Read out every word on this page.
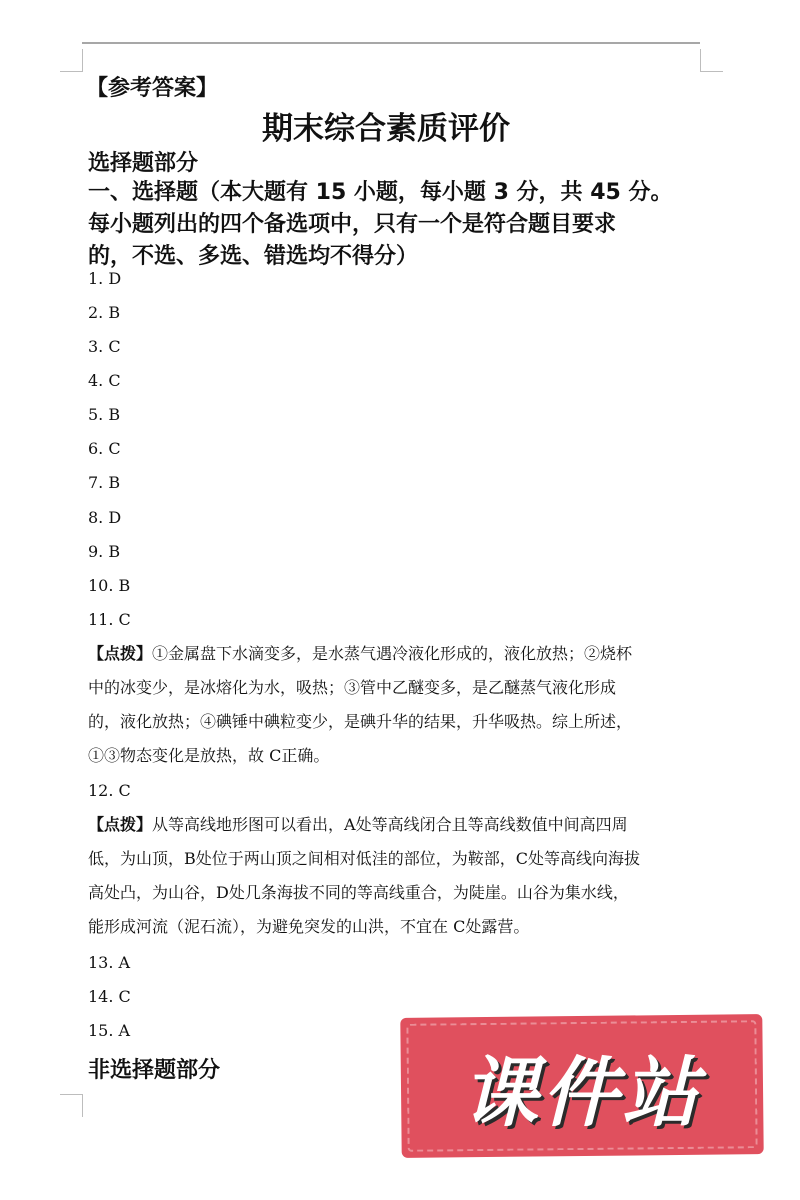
【参考答案】
期末综合素质评价
选择题部分
一、选择题（本大题有 15 小题，每小题 3 分，共 45 分。
每小题列出的四个备选项中，只有一个是符合题目要求
的，不选、多选、错选均不得分）
1. D
2. B
3. C
4. C
5. B
6. C
7. B
8. D
9. B
10. B
11. C
【点拨】①金属盘下水滴变多，是水蒸气遇冷液化形成的，液化放热；②烧杯
中的冰变少，是冰熔化为水，吸热；③管中乙醚变多，是乙醚蒸气液化形成
的，液化放热；④碘锤中碘粒变少，是碘升华的结果，升华吸热。综上所述，
①③物态变化是放热，故 C正确。
12. C
【点拨】从等高线地形图可以看出，A处等高线闭合且等高线数值中间高四周
低，为山顶，B处位于两山顶之间相对低洼的部位，为鞍部，C处等高线向海拔
高处凸，为山谷，D处几条海拔不同的等高线重合，为陡崖。山谷为集水线，
能形成河流（泥石流），为避免突发的山洪，不宜在 C处露营。
13. A
14. C
15. A
非选择题部分	课件站
